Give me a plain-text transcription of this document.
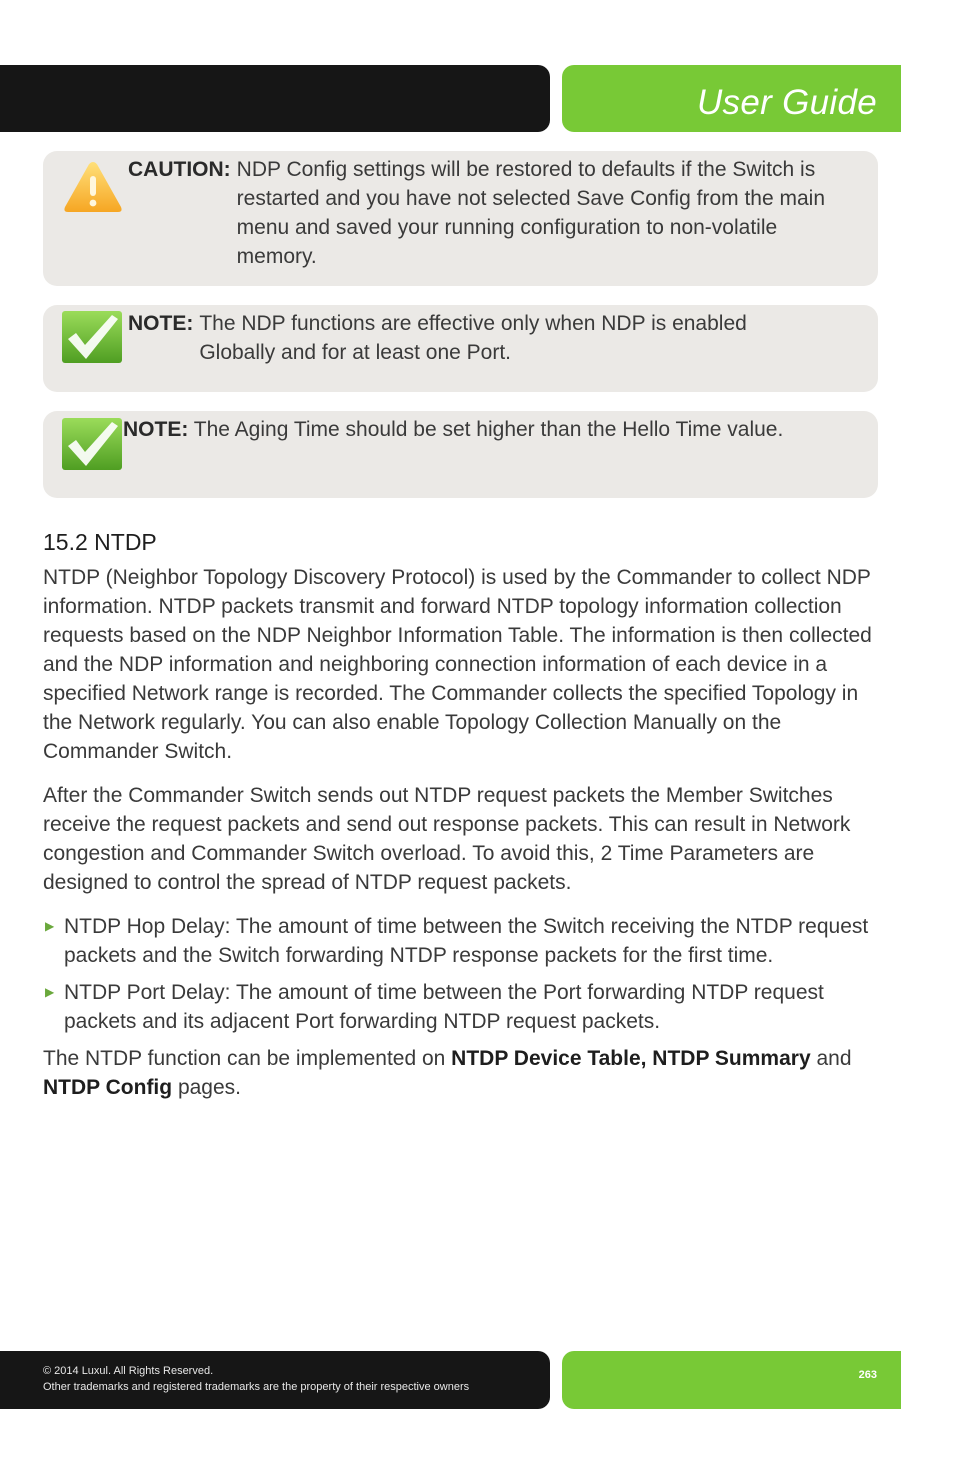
User Guide
CAUTION: NDP Config settings will be restored to defaults if the Switch is restarted and you have not selected Save Config from the main menu and saved your running configuration to non-volatile memory.
NOTE: The NDP functions are effective only when NDP is enabled Globally and for at least one Port.
NOTE: The Aging Time should be set higher than the Hello Time value.
15.2 NTDP

NTDP (Neighbor Topology Discovery Protocol) is used by the Commander to collect NDP information. NTDP packets transmit and forward NTDP topology information collection requests based on the NDP Neighbor Information Table. The information is then collected and the NDP information and neighboring connection information of each device in a specified Network range is recorded. The Commander collects the specified Topology in the Network regularly. You can also enable Topology Collection Manually on the Commander Switch.

After the Commander Switch sends out NTDP request packets the Member Switches receive the request packets and send out response packets. This can result in Network congestion and Commander Switch overload. To avoid this, 2 Time Parameters are designed to control the spread of NTDP request packets.

▶ NTDP Hop Delay: The amount of time between the Switch receiving the NTDP request packets and the Switch forwarding NTDP response packets for the first time.
▶ NTDP Port Delay: The amount of time between the Port forwarding NTDP request packets and its adjacent Port forwarding NTDP request packets.

The NTDP function can be implemented on NTDP Device Table, NTDP Summary and NTDP Config pages.

© 2014 Luxul. All Rights Reserved.
Other trademarks and registered trademarks are the property of their respective owners
263
